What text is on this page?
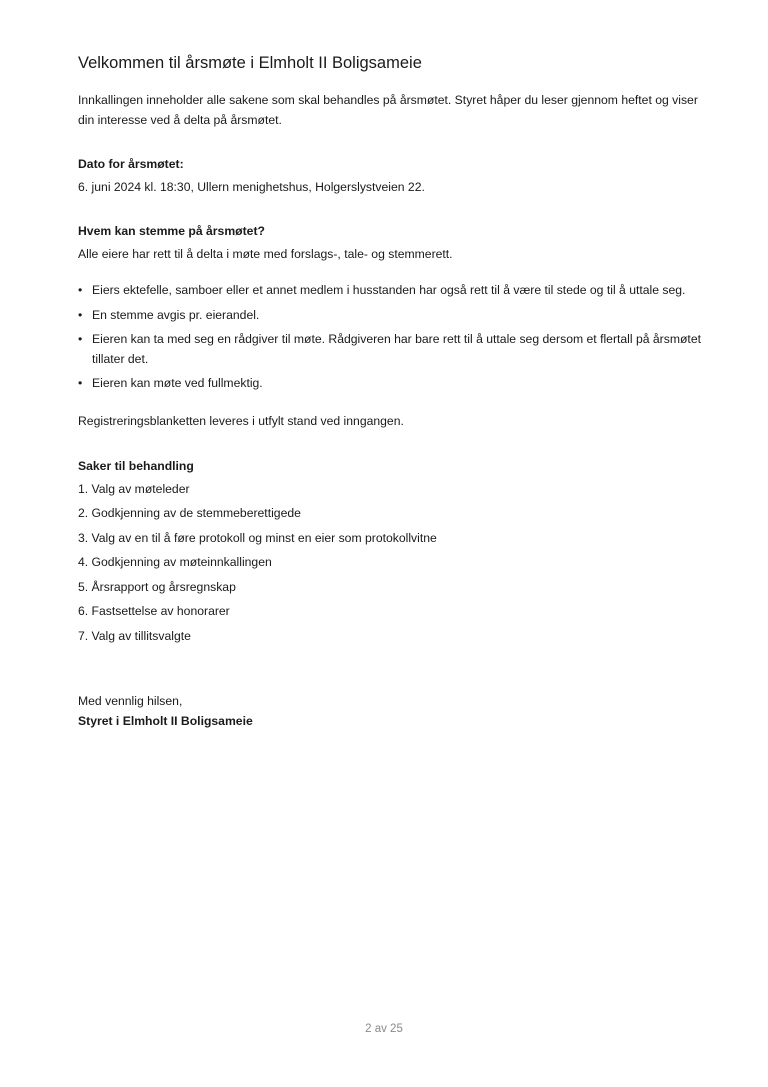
Velkommen til årsmøte i Elmholt II Boligsameie

Innkallingen inneholder alle sakene som skal behandles på årsmøtet. Styret håper du leser gjennom heftet og viser din interesse ved å delta på årsmøtet.

Dato for årsmøtet:

6. juni 2024 kl. 18:30, Ullern menighetshus, Holgerslystveien 22.

Hvem kan stemme på årsmøtet?

Alle eiere har rett til å delta i møte med forslags-, tale- og stemmerett.

• Eiers ektefelle, samboer eller et annet medlem i husstanden har også rett til å være til stede og til å uttale seg.
• En stemme avgis pr. eierandel.
• Eieren kan ta med seg en rådgiver til møte. Rådgiveren har bare rett til å uttale seg dersom et flertall på årsmøtet tillater det.
• Eieren kan møte ved fullmektig.

Registreringsblanketten leveres i utfylt stand ved inngangen.

Saker til behandling

1. Valg av møteleder

2. Godkjenning av de stemmeberettigede

3. Valg av en til å føre protokoll og minst en eier som protokollvitne

4. Godkjenning av møteinnkallingen

5. Årsrapport og årsregnskap

6. Fastsettelse av honorarer

7. Valg av tillitsvalgte

Med vennlig hilsen,

Styret i Elmholt II Boligsameie

2 av 25
